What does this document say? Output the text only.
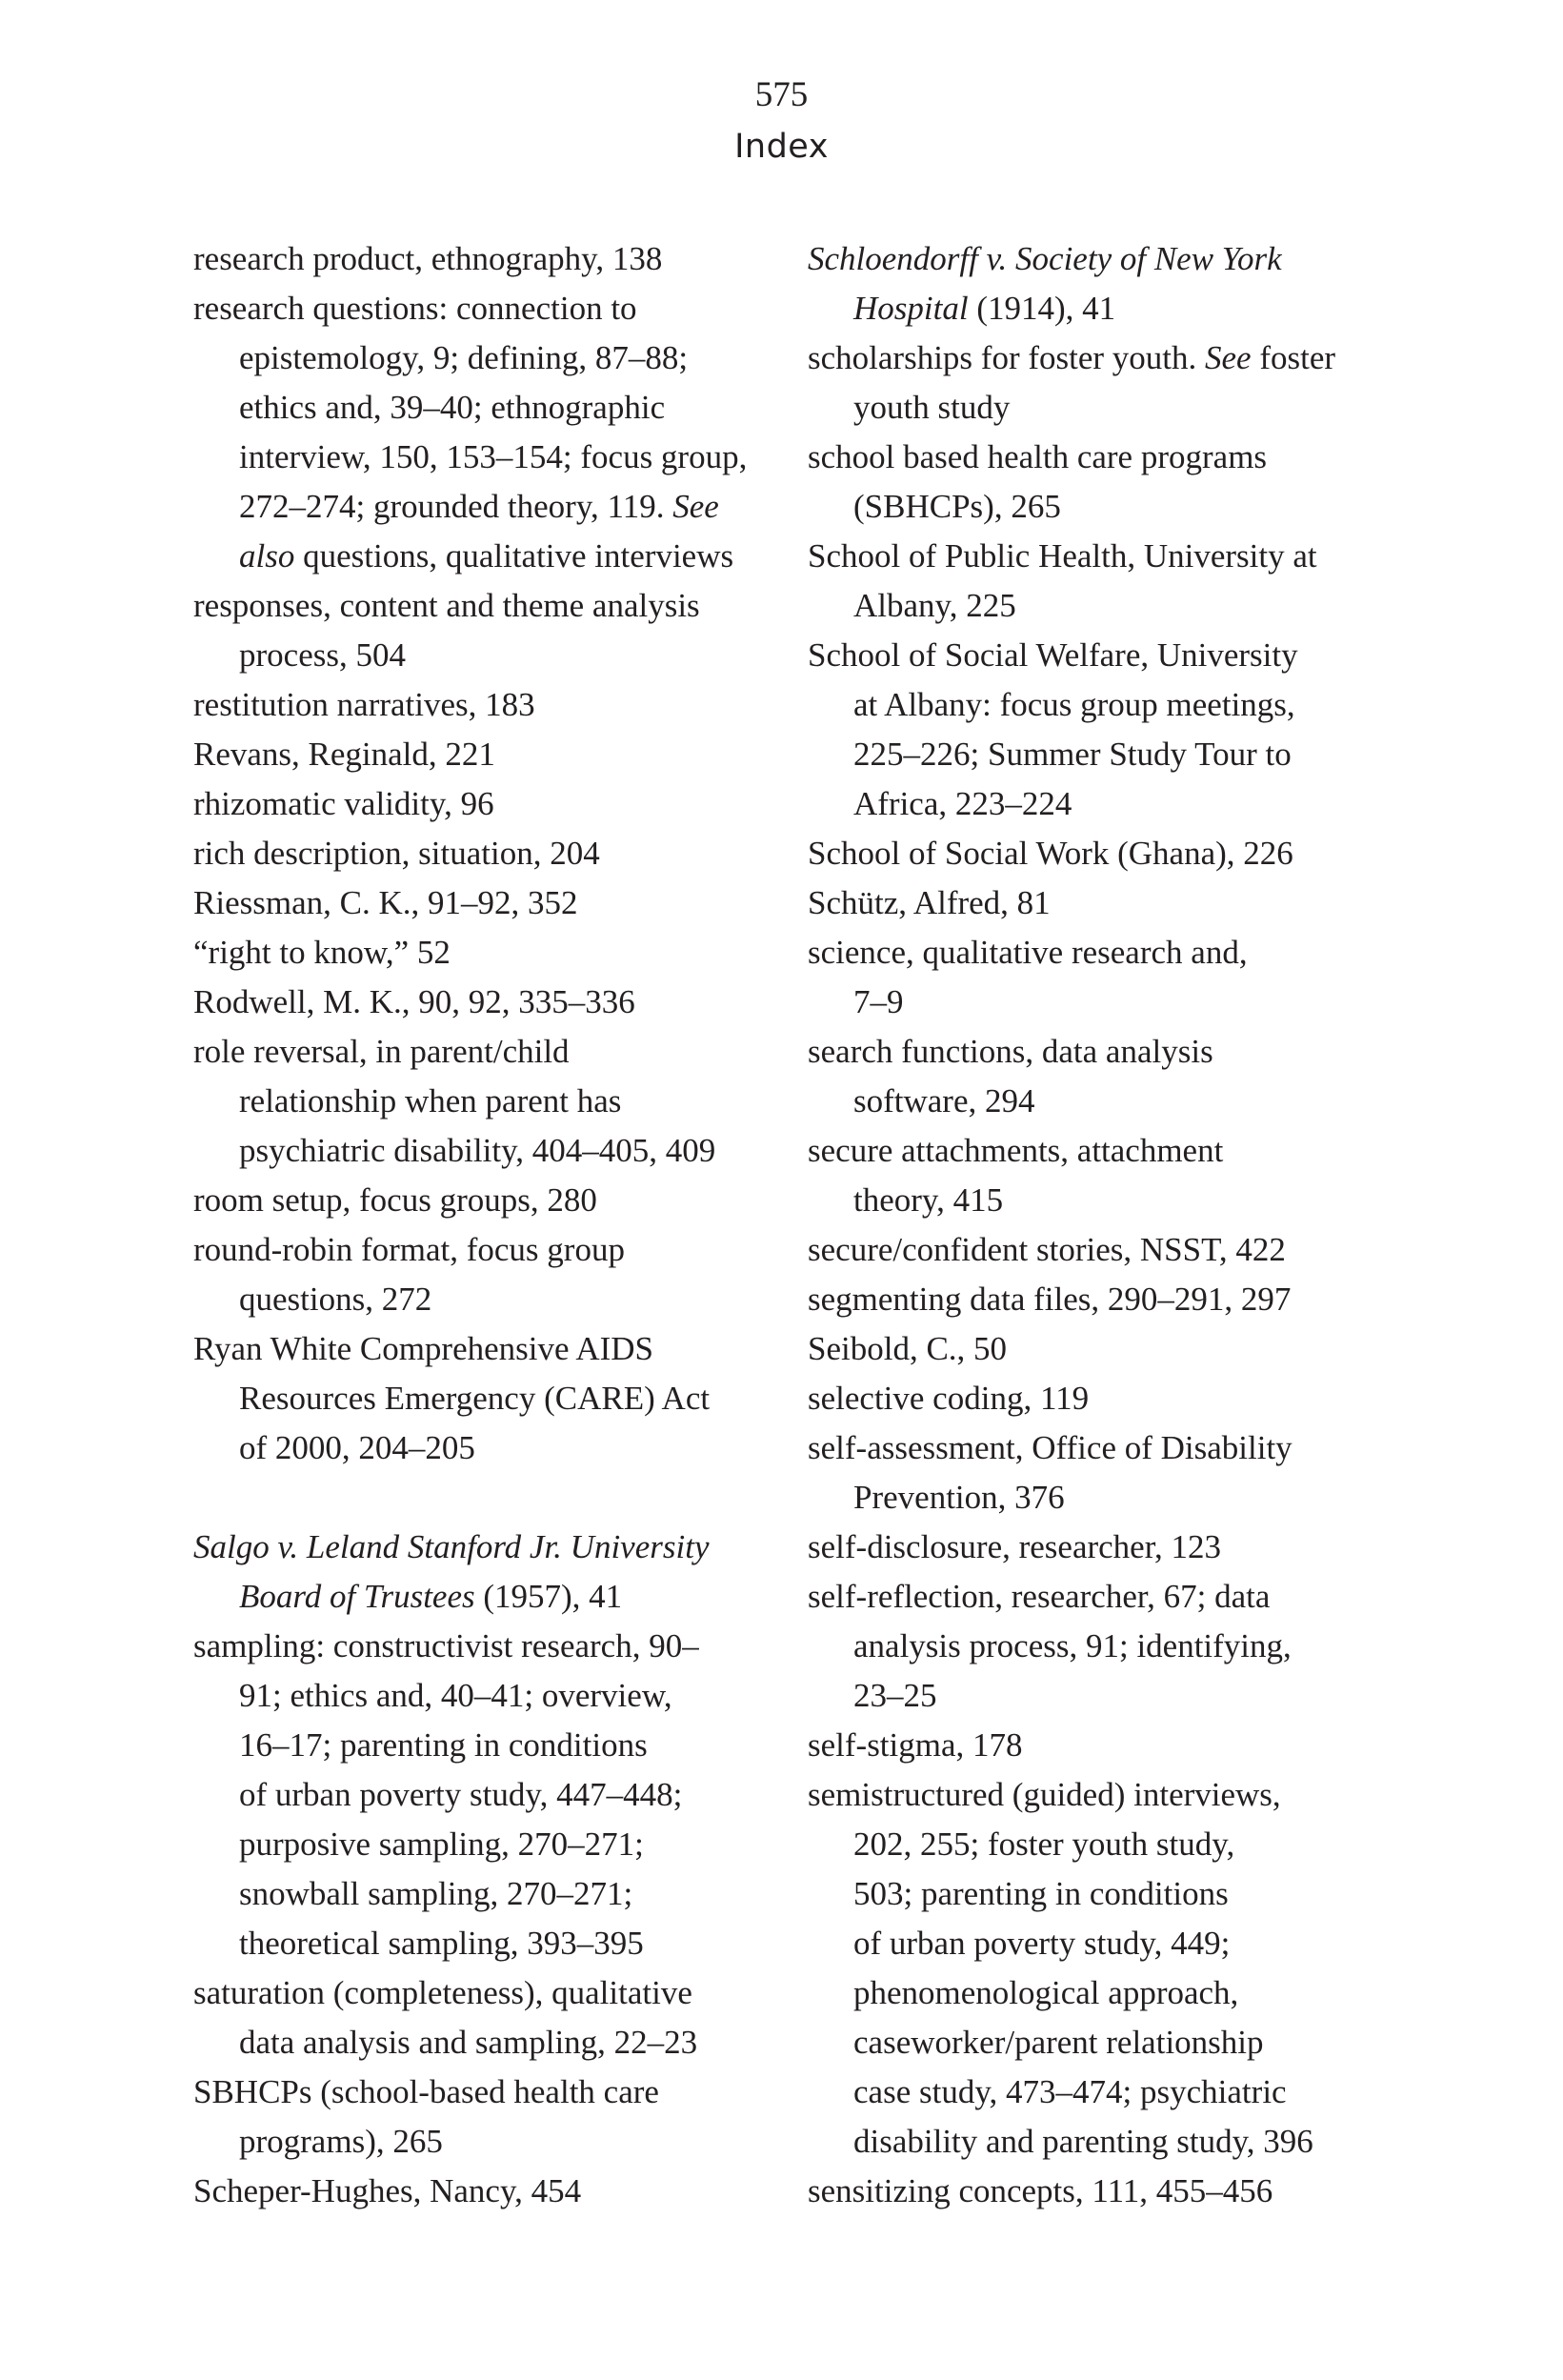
575
Index
research product, ethnography, 138
research questions: connection to
epistemology, 9; defining, 87–88;
ethics and, 39–40; ethnographic
interview, 150, 153–154; focus group,
272–274; grounded theory, 119. See
also questions, qualitative interviews
responses, content and theme analysis
process, 504
restitution narratives, 183
Revans, Reginald, 221
rhizomatic validity, 96
rich description, situation, 204
Riessman, C. K., 91–92, 352
“right to know,” 52
Rodwell, M. K., 90, 92, 335–336
role reversal, in parent/child
relationship when parent has
psychiatric disability, 404–405, 409
room setup, focus groups, 280
round-robin format, focus group
questions, 272
Ryan White Comprehensive AIDS
Resources Emergency (CARE) Act
of 2000, 204–205
Salgo v. Leland Stanford Jr. University
Board of Trustees (1957), 41
sampling: constructivist research, 90–
91; ethics and, 40–41; overview,
16–17; parenting in conditions
of urban poverty study, 447–448;
purposive sampling, 270–271;
snowball sampling, 270–271;
theoretical sampling, 393–395
saturation (completeness), qualitative
data analysis and sampling, 22–23
SBHCPs (school-based health care
programs), 265
Scheper-Hughes, Nancy, 454
Schloendorff v. Society of New York
Hospital (1914), 41
scholarships for foster youth. See foster
youth study
school based health care programs
(SBHCPs), 265
School of Public Health, University at
Albany, 225
School of Social Welfare, University
at Albany: focus group meetings,
225–226; Summer Study Tour to
Africa, 223–224
School of Social Work (Ghana), 226
Schütz, Alfred, 81
science, qualitative research and,
7–9
search functions, data analysis
software, 294
secure attachments, attachment
theory, 415
secure/confident stories, NSST, 422
segmenting data files, 290–291, 297
Seibold, C., 50
selective coding, 119
self-assessment, Office of Disability
Prevention, 376
self-disclosure, researcher, 123
self-reflection, researcher, 67; data
analysis process, 91; identifying,
23–25
self-stigma, 178
semistructured (guided) interviews,
202, 255; foster youth study,
503; parenting in conditions
of urban poverty study, 449;
phenomenological approach,
caseworker/parent relationship
case study, 473–474; psychiatric
disability and parenting study, 396
sensitizing concepts, 111, 455–456
